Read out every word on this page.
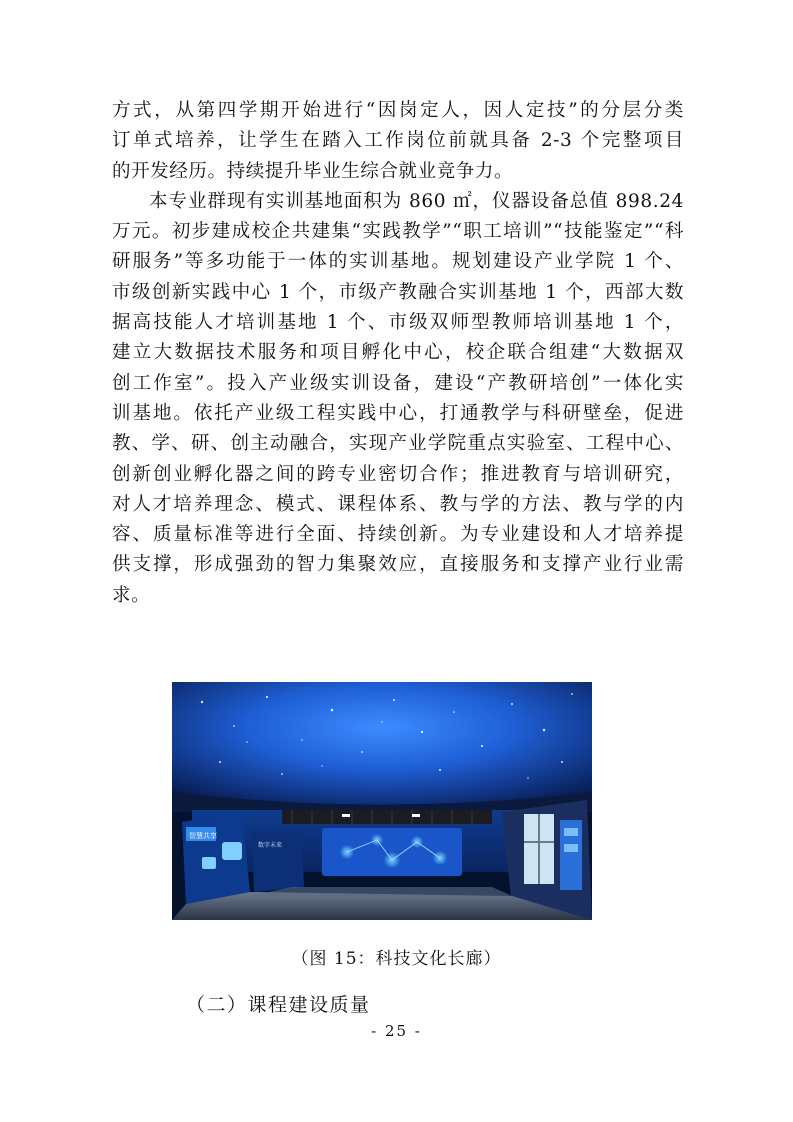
方式，从第四学期开始进行“因岗定人，因人定技”的分层分类
订单式培养，让学生在踏入工作岗位前就具备 2-3 个完整项目
的开发经历。持续提升毕业生综合就业竞争力。
本专业群现有实训基地面积为 860 ㎡，仪器设备总值 898.24
万元。初步建成校企共建集“实践教学”“职工培训”“技能鉴定”“科
研服务”等多功能于一体的实训基地。规划建设产业学院 1 个、
市级创新实践中心 1 个，市级产教融合实训基地 1 个，西部大数
据高技能人才培训基地 1 个、市级双师型教师培训基地 1 个，
建立大数据技术服务和项目孵化中心，校企联合组建“大数据双
创工作室”。投入产业级实训设备，建设“产教研培创”一体化实
训基地。依托产业级工程实践中心，打通教学与科研壁垒，促进
教、学、研、创主动融合，实现产业学院重点实验室、工程中心、
创新创业孵化器之间的跨专业密切合作；推进教育与培训研究，
对人才培养理念、模式、课程体系、教与学的方法、教与学的内
容、质量标准等进行全面、持续创新。为专业建设和人才培养提
供支撑，形成强劲的智力集聚效应，直接服务和支撑产业行业需
求。
智慧共享
数字未来
（图 15：科技文化长廊）
（二）课程建设质量
- 25 -
